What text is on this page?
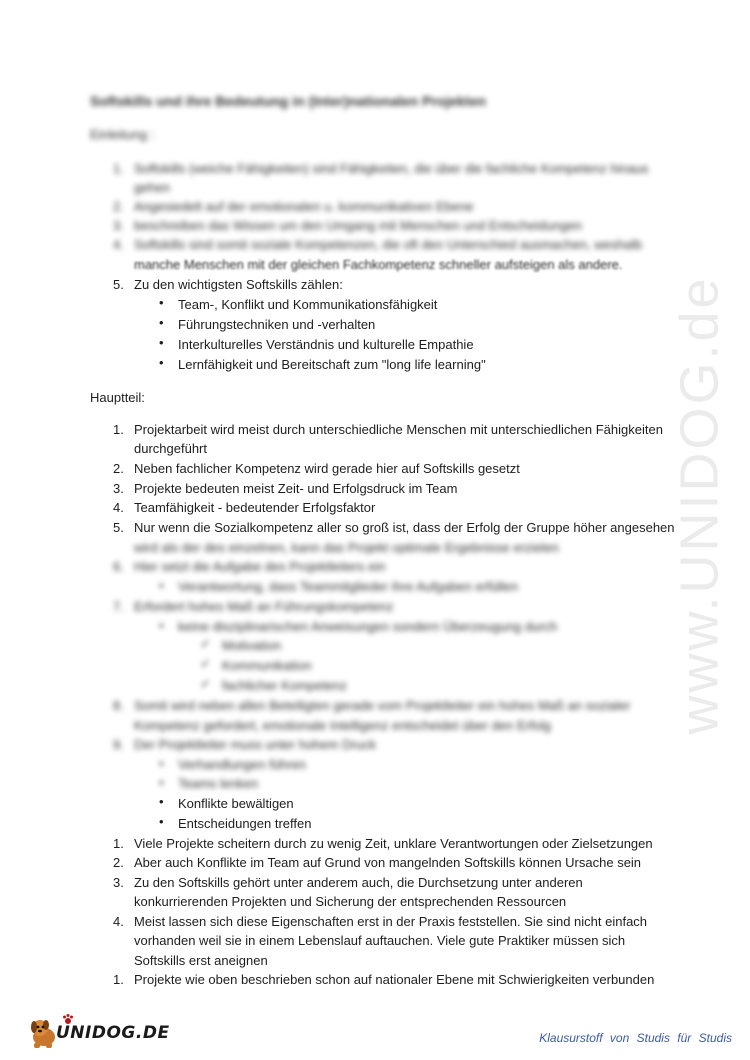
www.UNIDOG.de
Softskills und ihre Bedeutung in (Inter)nationalen Projekten
Einleitung :
1. Softskills (weiche Fähigkeiten) sind Fähigkeiten, die über die fachliche Kompetenz hinaus
gehen
2. Angesiedelt auf der emotionalen u. kommunikativen Ebene
3. beschreiben das Wissen um den Umgang mit Menschen und Entscheidungen
4. Softskills sind somit soziale Kompetenzen, die oft den Unterschied ausmachen, weshalb
manche Menschen mit der gleichen Fachkompetenz schneller aufsteigen als andere.
5. Zu den wichtigsten Softskills zählen:
• Team-, Konflikt und Kommunikationsfähigkeit
• Führungstechniken und -verhalten
• Interkulturelles Verständnis und kulturelle Empathie
• Lernfähigkeit und Bereitschaft zum "long life learning"
Hauptteil:
1. Projektarbeit wird meist durch unterschiedliche Menschen mit unterschiedlichen Fähigkeiten
durchgeführt
2. Neben fachlicher Kompetenz wird gerade hier auf Softskills gesetzt
3. Projekte bedeuten meist Zeit- und Erfolgsdruck im Team
4. Teamfähigkeit - bedeutender Erfolgsfaktor
5. Nur wenn die Sozialkompetenz aller so groß ist, dass der Erfolg der Gruppe höher angesehen
wird als der des einzelnen, kann das Projekt optimale Ergebnisse erzielen
6. Hier setzt die Aufgabe des Projektleiters ein
• Verantwortung, dass Teammitglieder ihre Aufgaben erfüllen
7. Erfordert hohes Maß an Führungskompetenz
• keine disziplinarischen Anweisungen sondern Überzeugung durch
✓ Motivation
✓ Kommunikation
✓ fachlicher Kompetenz
8. Somit wird neben allen Beteiligten gerade vom Projektleiter ein hohes Maß an sozialer
Kompetenz gefordert, emotionale Intelligenz entscheidet über den Erfolg
9. Der Projektleiter muss unter hohem Druck
• Verhandlungen führen
• Teams lenken
• Konflikte bewältigen
• Entscheidungen treffen
1. Viele Projekte scheitern durch zu wenig Zeit, unklare Verantwortungen oder Zielsetzungen
2. Aber auch Konflikte im Team auf Grund von mangelnden Softskills können Ursache sein
3. Zu den Softskills gehört unter anderem auch, die Durchsetzung unter anderen
konkurrierenden Projekten und Sicherung der entsprechenden Ressourcen
4. Meist lassen sich diese Eigenschaften erst in der Praxis feststellen. Sie sind nicht einfach
vorhanden weil sie in einem Lebenslauf auftauchen. Viele gute Praktiker müssen sich
Softskills erst aneignen
1. Projekte wie oben beschrieben schon auf nationaler Ebene mit Schwierigkeiten verbunden
UNIDOG.DE	Klausurstoff von Studis für Studis
